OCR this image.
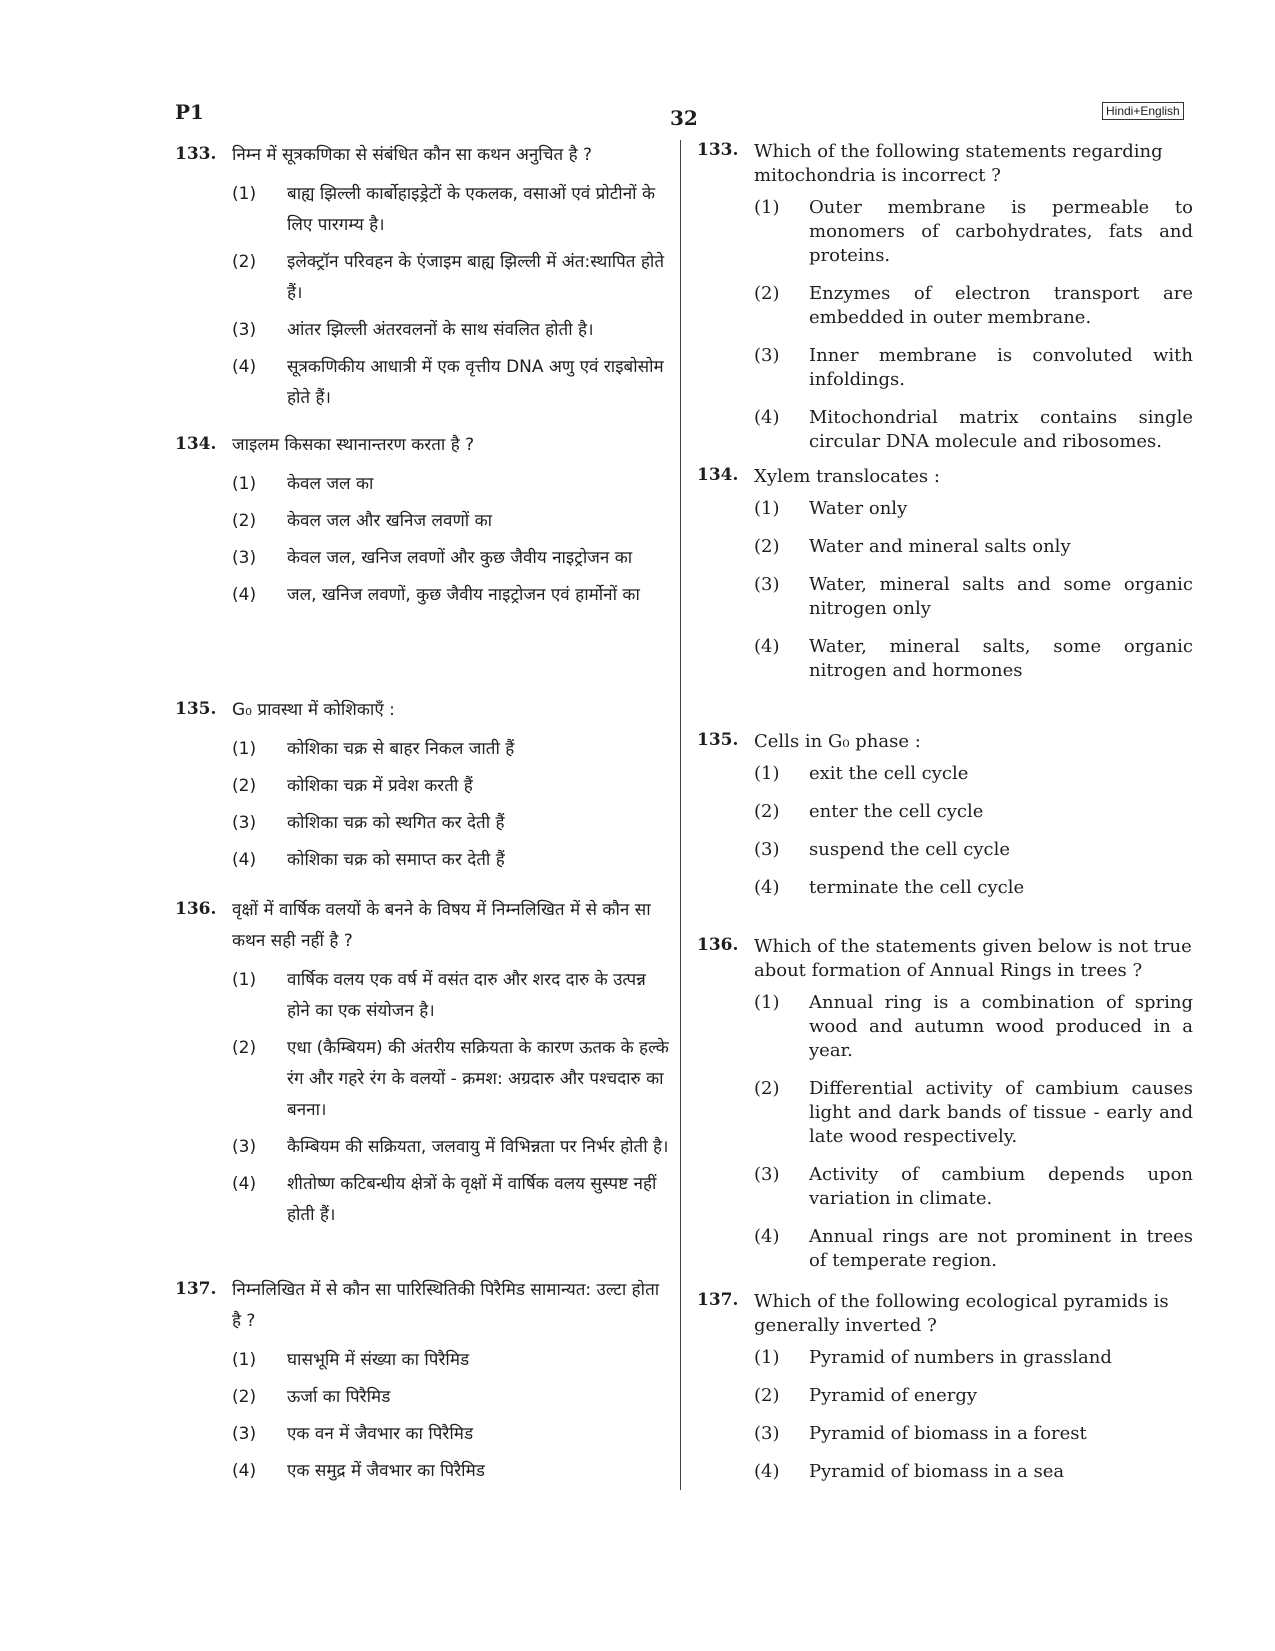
P1	32	Hindi+English
133. निम्न में सूत्रकणिका से संबंधित कौन सा कथन अनुचित है ?
(1) बाह्य झिल्ली कार्बोहाइड्रेटों के एकलक, वसाओं एवं प्रोटीनों के लिए पारगम्य है।
(2) इलेक्ट्रॉन परिवहन के एंजाइम बाह्य झिल्ली में अंत:स्थापित होते हैं।
(3) आंतर झिल्ली अंतरवलनों के साथ संवलित होती है।
(4) सूत्रकणिकीय आधात्री में एक वृत्तीय DNA अणु एवं राइबोसोम होते हैं।
134. जाइलम किसका स्थानान्तरण करता है ?
(1) केवल जल का
(2) केवल जल और खनिज लवणों का
(3) केवल जल, खनिज लवणों और कुछ जैवीय नाइट्रोजन का
(4) जल, खनिज लवणों, कुछ जैवीय नाइट्रोजन एवं हार्मोनों का
135. G₀ प्रावस्था में कोशिकाएँ :
(1) कोशिका चक्र से बाहर निकल जाती हैं
(2) कोशिका चक्र में प्रवेश करती हैं
(3) कोशिका चक्र को स्थगित कर देती हैं
(4) कोशिका चक्र को समाप्त कर देती हैं
136. वृक्षों में वार्षिक वलयों के बनने के विषय में निम्नलिखित में से कौन सा कथन सही नहीं है ?
(1) वार्षिक वलय एक वर्ष में वसंत दारु और शरद दारु के उत्पन्न होने का एक संयोजन है।
(2) एधा (कैम्बियम) की अंतरीय सक्रियता के कारण ऊतक के हल्के रंग और गहरे रंग के वलयों - क्रमश: अग्रदारु और पश्चदारु का बनना।
(3) कैम्बियम की सक्रियता, जलवायु में विभिन्नता पर निर्भर होती है।
(4) शीतोष्ण कटिबन्धीय क्षेत्रों के वृक्षों में वार्षिक वलय सुस्पष्ट नहीं होती हैं।
137. निम्नलिखित में से कौन सा पारिस्थितिकी पिरैमिड सामान्यत: उल्टा होता है ?
(1) घासभूमि में संख्या का पिरैमिड
(2) ऊर्जा का पिरैमिड
(3) एक वन में जैवभार का पिरैमिड
(4) एक समुद्र में जैवभार का पिरैमिड
133. Which of the following statements regarding mitochondria is incorrect ?
(1) Outer membrane is permeable to monomers of carbohydrates, fats and proteins.
(2) Enzymes of electron transport are embedded in outer membrane.
(3) Inner membrane is convoluted with infoldings.
(4) Mitochondrial matrix contains single circular DNA molecule and ribosomes.
134. Xylem translocates :
(1) Water only
(2) Water and mineral salts only
(3) Water, mineral salts and some organic nitrogen only
(4) Water, mineral salts, some organic nitrogen and hormones
135. Cells in G₀ phase :
(1) exit the cell cycle
(2) enter the cell cycle
(3) suspend the cell cycle
(4) terminate the cell cycle
136. Which of the statements given below is not true about formation of Annual Rings in trees ?
(1) Annual ring is a combination of spring wood and autumn wood produced in a year.
(2) Differential activity of cambium causes light and dark bands of tissue - early and late wood respectively.
(3) Activity of cambium depends upon variation in climate.
(4) Annual rings are not prominent in trees of temperate region.
137. Which of the following ecological pyramids is generally inverted ?
(1) Pyramid of numbers in grassland
(2) Pyramid of energy
(3) Pyramid of biomass in a forest
(4) Pyramid of biomass in a sea
